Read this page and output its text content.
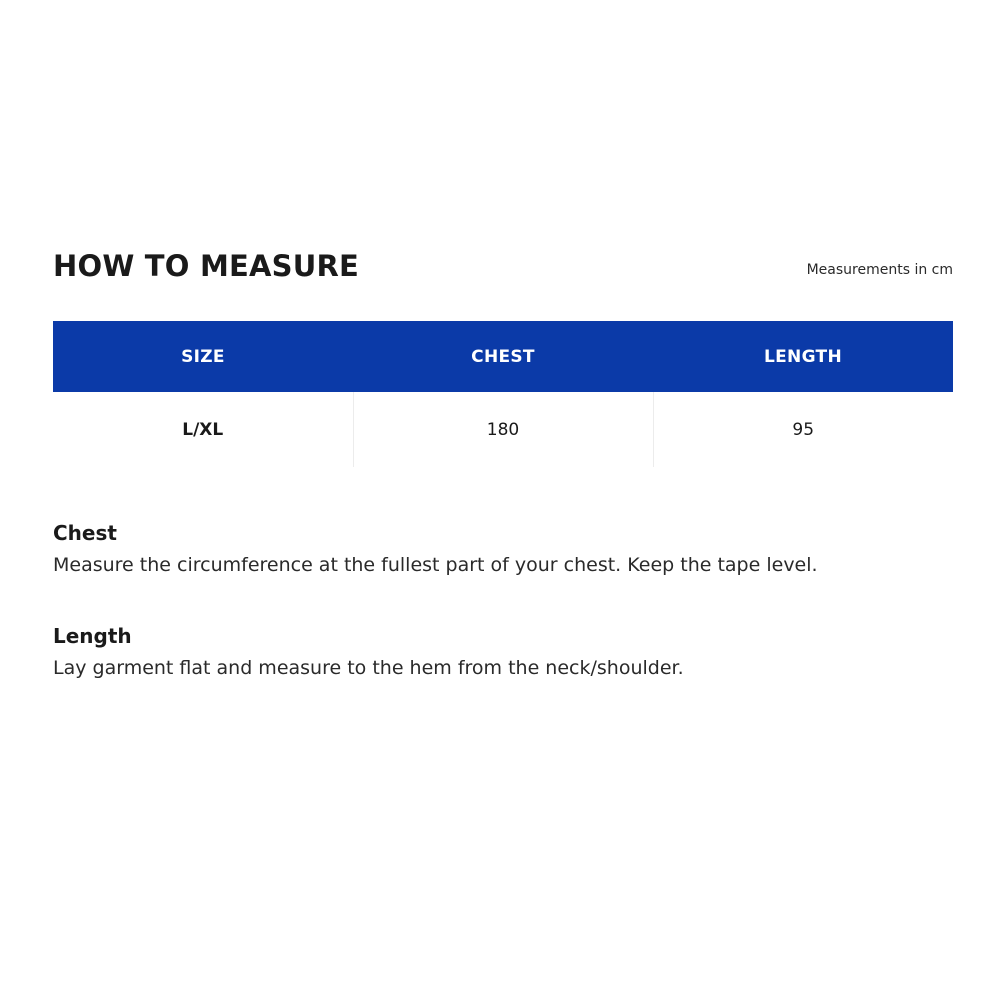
HOW TO MEASURE	Measurements in cm
SIZE	CHEST	LENGTH
L/XL	180	95

Chest

Measure the circumference at the fullest part of your chest. Keep the tape level.

Length

Lay garment flat and measure to the hem from the neck/shoulder.
